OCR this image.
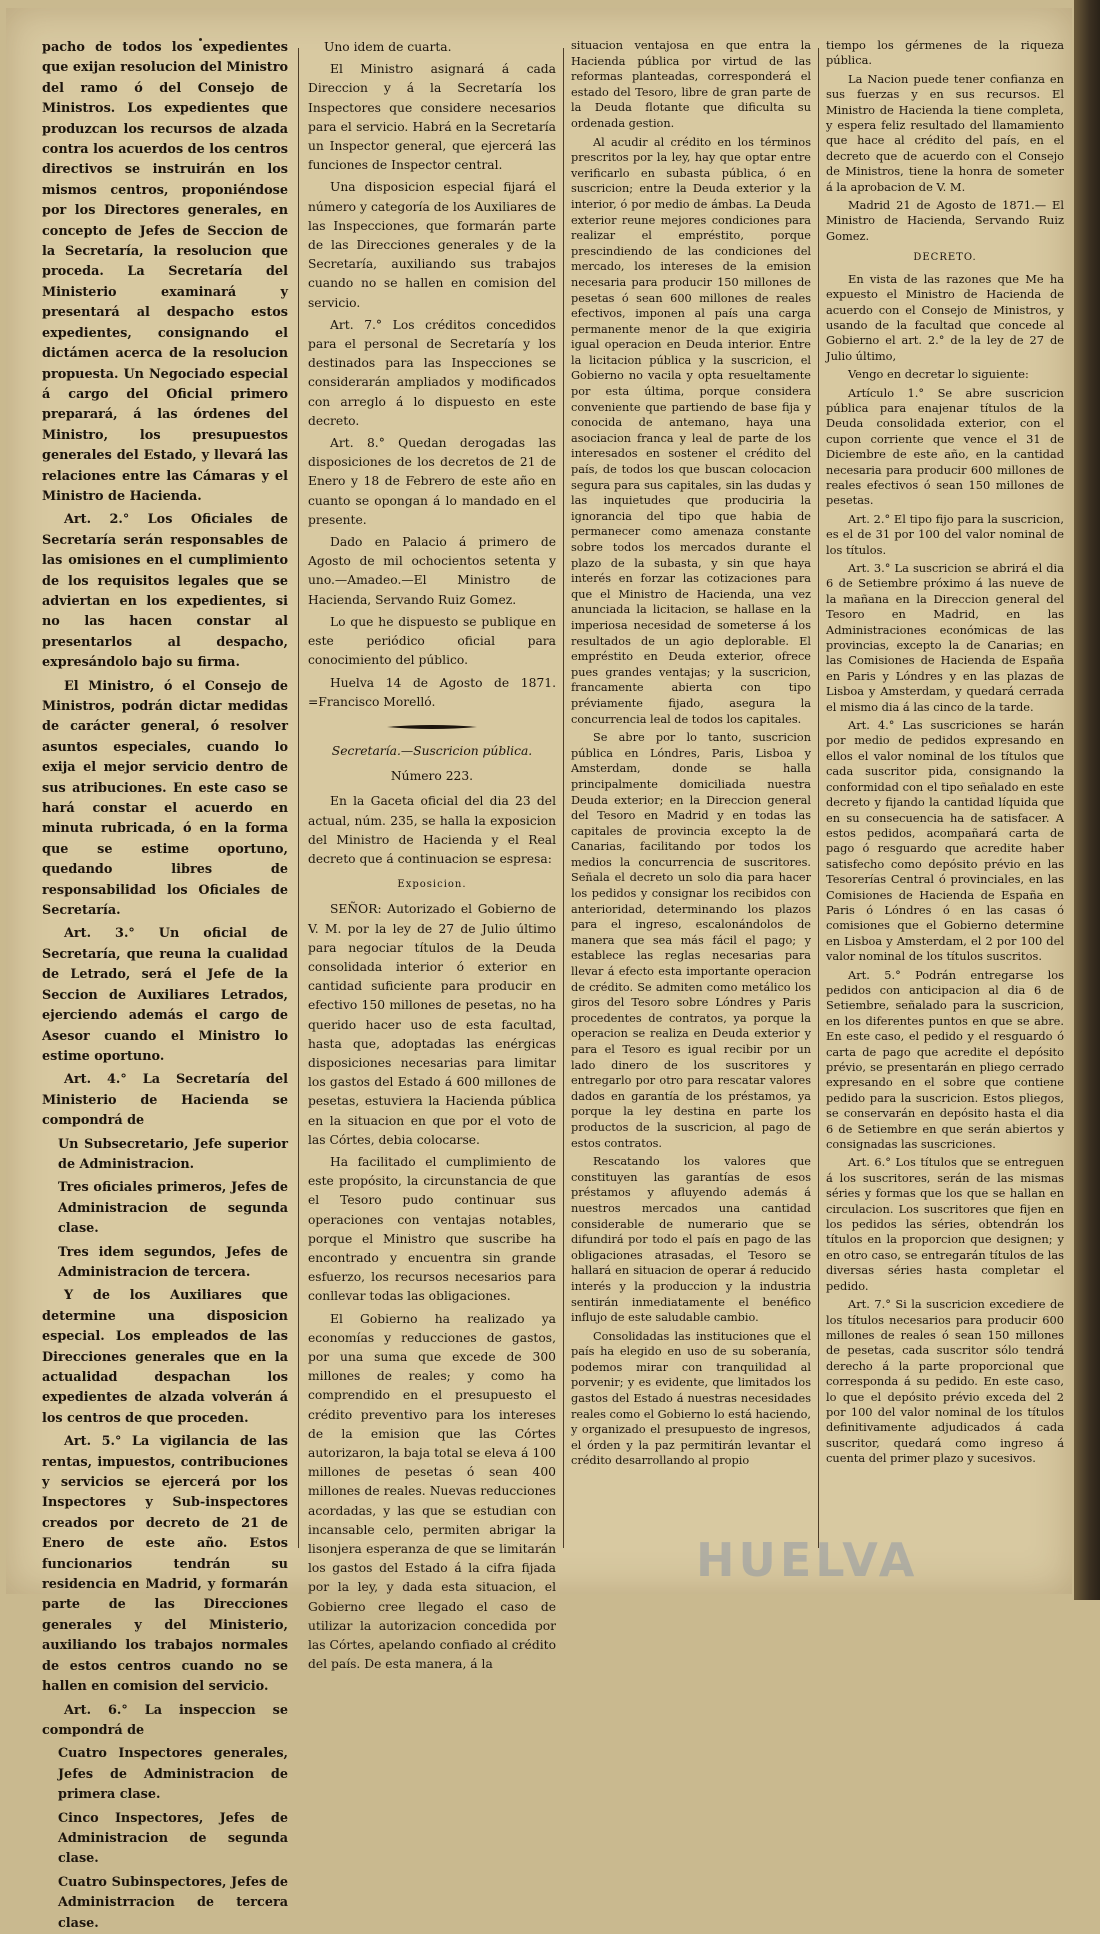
pacho de todos los expedientes que exijan resolucion del Ministro del ramo ó del Consejo de Ministros. Los expedientes que produzcan los recursos de alzada contra los acuerdos de los centros directivos se instruirán en los mismos centros, proponiéndose por los Directores generales, en concepto de Jefes de Seccion de la Secretaría, la resolucion que proceda. La Secretaría del Ministerio examinará y presentará al despacho estos expedientes, consignando el dictámen acerca de la resolucion propuesta. Un Negociado especial á cargo del Oficial primero preparará, á las órdenes del Ministro, los presupuestos generales del Estado, y llevará las relaciones entre las Cámaras y el Ministro de Hacienda.

Art. 2.° Los Oficiales de Secretaría serán responsables de las omisiones en el cumplimiento de los requisitos legales que se adviertan en los expedientes, si no las hacen constar al presentarlos al despacho, expresándolo bajo su firma.

El Ministro, ó el Consejo de Ministros, podrán dictar medidas de carácter general, ó resolver asuntos especiales, cuando lo exija el mejor servicio dentro de sus atribuciones. En este caso se hará constar el acuerdo en minuta rubricada, ó en la forma que se estime oportuno, quedando libres de responsabilidad los Oficiales de Secretaría.

Art. 3.° Un oficial de Secretaría, que reuna la cualidad de Letrado, será el Jefe de la Seccion de Auxiliares Letrados, ejerciendo además el cargo de Asesor cuando el Ministro lo estime oportuno.

Art. 4.° La Secretaría del Ministerio de Hacienda se compondrá de

Un Subsecretario, Jefe superior de Administracion.

Tres oficiales primeros, Jefes de Administracion de segunda clase.

Tres idem segundos, Jefes de Administracion de tercera.

Y de los Auxiliares que determine una disposicion especial. Los empleados de las Direcciones generales que en la actualidad despachan los expedientes de alzada volverán á los centros de que proceden.

Art. 5.° La vigilancia de las rentas, impuestos, contribuciones y servicios se ejercerá por los Inspectores y Sub-inspectores creados por decreto de 21 de Enero de este año. Estos funcionarios tendrán su residencia en Madrid, y formarán parte de las Direcciones generales y del Ministerio, auxiliando los trabajos normales de estos centros cuando no se hallen en comision del servicio.

Art. 6.° La inspeccion se compondrá de

Cuatro Inspectores generales, Jefes de Administracion de primera clase.

Cinco Inspectores, Jefes de Administracion de segunda clase.

Cuatro Subinspectores, Jefes de Administrracion de tercera clase.

Uno idem de cuarta.

El Ministro asignará á cada Direccion y á la Secretaría los Inspectores que considere necesarios para el servicio. Habrá en la Secretaría un Inspector general, que ejercerá las funciones de Inspector central.

Una disposicion especial fijará el número y categoría de los Auxiliares de las Inspecciones, que formarán parte de las Direcciones generales y de la Secretaría, auxiliando sus trabajos cuando no se hallen en comision del servicio.

Art. 7.° Los créditos concedidos para el personal de Secretaría y los destinados para las Inspecciones se considerarán ampliados y modificados con arreglo á lo dispuesto en este decreto.

Art. 8.° Quedan derogadas las disposiciones de los decretos de 21 de Enero y 18 de Febrero de este año en cuanto se opongan á lo mandado en el presente.

Dado en Palacio á primero de Agosto de mil ochocientos setenta y uno.—Amadeo.—El Ministro de Hacienda, Servando Ruiz Gomez.

Lo que he dispuesto se publique en este periódico oficial para conocimiento del público.

Huelva 14 de Agosto de 1871. =Francisco Morelló.

Secretaría.—Suscricion pública.

Número 223.

En la Gaceta oficial del dia 23 del actual, núm. 235, se halla la exposicion del Ministro de Hacienda y el Real decreto que á continuacion se espresa:

Exposicion.

SEÑOR: Autorizado el Gobierno de V. M. por la ley de 27 de Julio último para negociar títulos de la Deuda consolidada interior ó exterior en cantidad suficiente para producir en efectivo 150 millones de pesetas, no ha querido hacer uso de esta facultad, hasta que, adoptadas las enérgicas disposiciones necesarias para limitar los gastos del Estado á 600 millones de pesetas, estuviera la Hacienda pública en la situacion en que por el voto de las Córtes, debia colocarse.

Ha facilitado el cumplimiento de este propósito, la circunstancia de que el Tesoro pudo continuar sus operaciones con ventajas notables, porque el Ministro que suscribe ha encontrado y encuentra sin grande esfuerzo, los recursos necesarios para conllevar todas las obligaciones.

El Gobierno ha realizado ya economías y reducciones de gastos, por una suma que excede de 300 millones de reales; y como ha comprendido en el presupuesto el crédito preventivo para los intereses de la emision que las Córtes autorizaron, la baja total se eleva á 100 millones de pesetas ó sean 400 millones de reales. Nuevas reducciones acordadas, y las que se estudian con incansable celo, permiten abrigar la lisonjera esperanza de que se limitarán los gastos del Estado á la cifra fijada por la ley, y dada esta situacion, el Gobierno cree llegado el caso de utilizar la autorizacion concedida por las Córtes, apelando confiado al crédito del país. De esta manera, á la

situacion ventajosa en que entra la Hacienda pública por virtud de las reformas planteadas, corresponderá el estado del Tesoro, libre de gran parte de la Deuda flotante que dificulta su ordenada gestion.

Al acudir al crédito en los términos prescritos por la ley, hay que optar entre verificarlo en subasta pública, ó en suscricion; entre la Deuda exterior y la interior, ó por medio de ámbas. La Deuda exterior reune mejores condiciones para realizar el empréstito, porque prescindiendo de las condiciones del mercado, los intereses de la emision necesaria para producir 150 millones de pesetas ó sean 600 millones de reales efectivos, imponen al país una carga permanente menor de la que exigiria igual operacion en Deuda interior. Entre la licitacion pública y la suscricion, el Gobierno no vacila y opta resueltamente por esta última, porque considera conveniente que partiendo de base fija y conocida de antemano, haya una asociacion franca y leal de parte de los interesados en sostener el crédito del país, de todos los que buscan colocacion segura para sus capitales, sin las dudas y las inquietudes que produciria la ignorancia del tipo que habia de permanecer como amenaza constante sobre todos los mercados durante el plazo de la subasta, y sin que haya interés en forzar las cotizaciones para que el Ministro de Hacienda, una vez anunciada la licitacion, se hallase en la imperiosa necesidad de someterse á los resultados de un agio deplorable. El empréstito en Deuda exterior, ofrece pues grandes ventajas; y la suscricion, francamente abierta con tipo préviamente fijado, asegura la concurrencia leal de todos los capitales.

Se abre por lo tanto, suscricion pública en Lóndres, Paris, Lisboa y Amsterdam, donde se halla principalmente domiciliada nuestra Deuda exterior; en la Direccion general del Tesoro en Madrid y en todas las capitales de provincia excepto la de Canarias, facilitando por todos los medios la concurrencia de suscritores. Señala el decreto un solo dia para hacer los pedidos y consignar los recibidos con anterioridad, determinando los plazos para el ingreso, escalonándolos de manera que sea más fácil el pago; y establece las reglas necesarias para llevar á efecto esta importante operacion de crédito. Se admiten como metálico los giros del Tesoro sobre Lóndres y Paris procedentes de contratos, ya porque la operacion se realiza en Deuda exterior y para el Tesoro es igual recibir por un lado dinero de los suscritores y entregarlo por otro para rescatar valores dados en garantía de los préstamos, ya porque la ley destina en parte los productos de la suscricion, al pago de estos contratos.

Rescatando los valores que constituyen las garantías de esos préstamos y afluyendo además á nuestros mercados una cantidad considerable de numerario que se difundirá por todo el país en pago de las obligaciones atrasadas, el Tesoro se hallará en situacion de operar á reducido interés y la produccion y la industria sentirán inmediatamente el benéfico influjo de este saludable cambio.

Consolidadas las instituciones que el país ha elegido en uso de su soberanía, podemos mirar con tranquilidad al porvenir; y es evidente, que limitados los gastos del Estado á nuestras necesidades reales como el Gobierno lo está haciendo, y organizado el presupuesto de ingresos, el órden y la paz permitirán levantar el crédito desarrollando al propio

tiempo los gérmenes de la riqueza pública.

La Nacion puede tener confianza en sus fuerzas y en sus recursos. El Ministro de Hacienda la tiene completa, y espera feliz resultado del llamamiento que hace al crédito del país, en el decreto que de acuerdo con el Consejo de Ministros, tiene la honra de someter á la aprobacion de V. M.

Madrid 21 de Agosto de 1871.— El Ministro de Hacienda, Servando Ruiz Gomez.

DECRETO.

En vista de las razones que Me ha expuesto el Ministro de Hacienda de acuerdo con el Consejo de Ministros, y usando de la facultad que concede al Gobierno el art. 2.° de la ley de 27 de Julio último,

Vengo en decretar lo siguiente:

Artículo 1.° Se abre suscricion pública para enajenar títulos de la Deuda consolidada exterior, con el cupon corriente que vence el 31 de Diciembre de este año, en la cantidad necesaria para producir 600 millones de reales efectivos ó sean 150 millones de pesetas.

Art. 2.° El tipo fijo para la suscricion, es el de 31 por 100 del valor nominal de los títulos.

Art. 3.° La suscricion se abrirá el dia 6 de Setiembre próximo á las nueve de la mañana en la Direccion general del Tesoro en Madrid, en las Administraciones económicas de las provincias, excepto la de Canarias; en las Comisiones de Hacienda de España en Paris y Lóndres y en las plazas de Lisboa y Amsterdam, y quedará cerrada el mismo dia á las cinco de la tarde.

Art. 4.° Las suscriciones se harán por medio de pedidos expresando en ellos el valor nominal de los títulos que cada suscritor pida, consignando la conformidad con el tipo señalado en este decreto y fijando la cantidad líquida que en su consecuencia ha de satisfacer. A estos pedidos, acompañará carta de pago ó resguardo que acredite haber satisfecho como depósito prévio en las Tesorerías Central ó provinciales, en las Comisiones de Hacienda de España en Paris ó Lóndres ó en las casas ó comisiones que el Gobierno determine en Lisboa y Amsterdam, el 2 por 100 del valor nominal de los títulos suscritos.

Art. 5.° Podrán entregarse los pedidos con anticipacion al dia 6 de Setiembre, señalado para la suscricion, en los diferentes puntos en que se abre. En este caso, el pedido y el resguardo ó carta de pago que acredite el depósito prévio, se presentarán en pliego cerrado expresando en el sobre que contiene pedido para la suscricion. Estos pliegos, se conservarán en depósito hasta el dia 6 de Setiembre en que serán abiertos y consignadas las suscriciones.

Art. 6.° Los títulos que se entreguen á los suscritores, serán de las mismas séries y formas que los que se hallan en circulacion. Los suscritores que fijen en los pedidos las séries, obtendrán los títulos en la proporcion que designen; y en otro caso, se entregarán títulos de las diversas séries hasta completar el pedido.

Art. 7.° Si la suscricion excediere de los títulos necesarios para producir 600 millones de reales ó sean 150 millones de pesetas, cada suscritor sólo tendrá derecho á la parte proporcional que corresponda á su pedido. En este caso, lo que el depósito prévio exceda del 2 por 100 del valor nominal de los títulos definitivamente adjudicados á cada suscritor, quedará como ingreso á cuenta del primer plazo y sucesivos.

HUELVA
